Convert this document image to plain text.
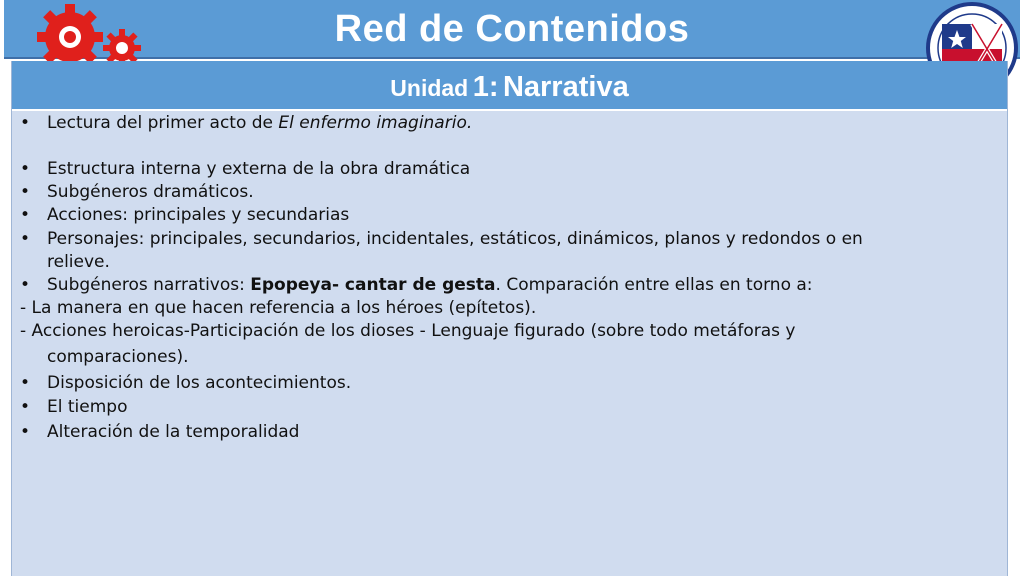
Red de Contenidos
Unidad 1: Narrativa
• Lectura del primer acto de El enfermo imaginario.
• Estructura interna y externa de la obra dramática
• Subgéneros dramáticos.
• Acciones: principales y secundarias
• Personajes: principales, secundarios, incidentales, estáticos, dinámicos, planos y redondos o en
relieve.
• Subgéneros narrativos: Epopeya- cantar de gesta. Comparación entre ellas en torno a:
- La manera en que hacen referencia a los héroes (epítetos).
- Acciones heroicas-Participación de los dioses - Lenguaje figurado (sobre todo metáforas y
comparaciones).
• Disposición de los acontecimientos.
• El tiempo
• Alteración de la temporalidad
